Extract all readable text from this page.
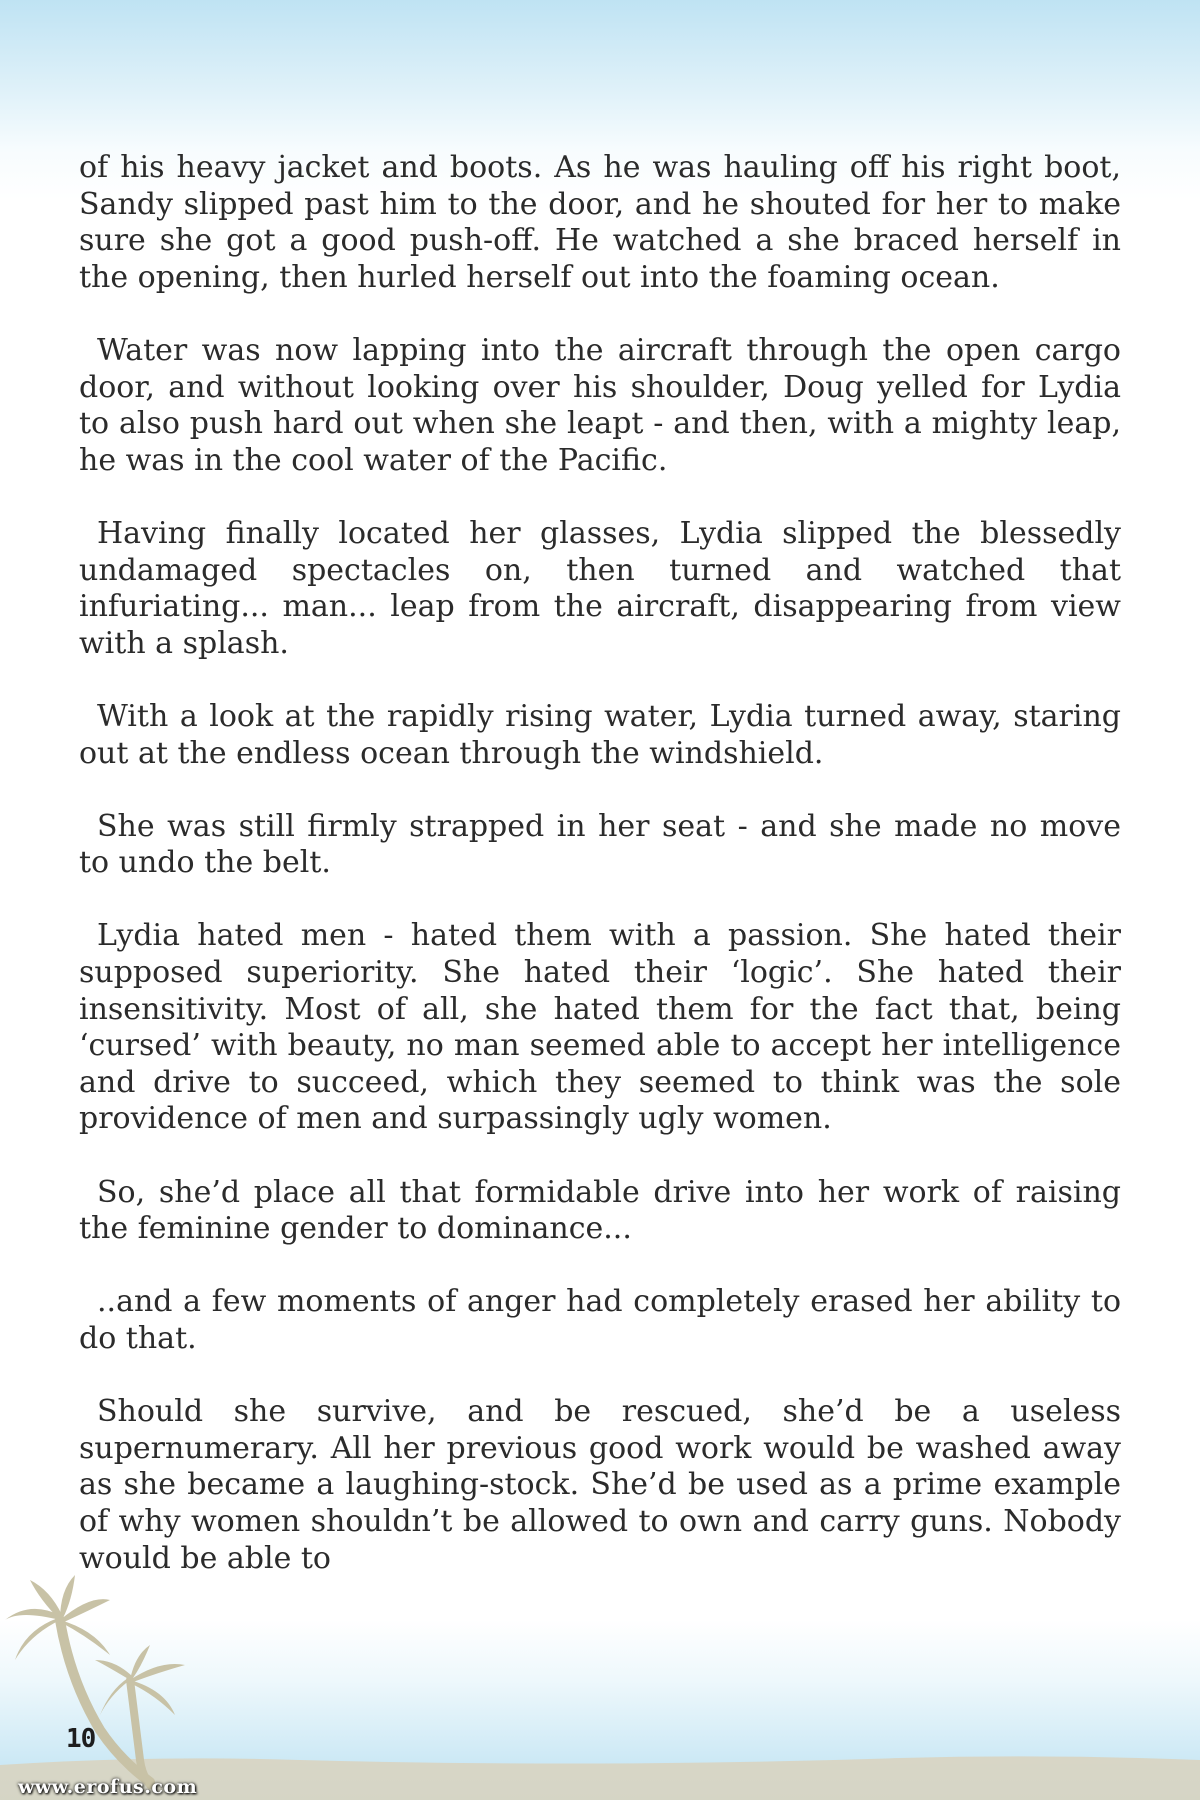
of his heavy jacket and boots. As he was hauling off his right boot, Sandy slipped past him to the door, and he shouted for her to make sure she got a good push-off. He watched a she braced herself in the opening, then hurled herself out into the foaming ocean.

Water was now lapping into the aircraft through the open cargo door, and without looking over his shoulder, Doug yelled for Lydia to also push hard out when she leapt - and then, with a mighty leap, he was in the cool water of the Pacific.

Having finally located her glasses, Lydia slipped the blessedly undamaged spectacles on, then turned and watched that infuriating... man... leap from the aircraft, disappearing from view with a splash.

With a look at the rapidly rising water, Lydia turned away, staring out at the endless ocean through the windshield.

She was still firmly strapped in her seat - and she made no move to undo the belt.

Lydia hated men - hated them with a passion. She hated their supposed superiority. She hated their ‘logic’. She hated their insensitivity. Most of all, she hated them for the fact that, being ‘cursed’ with beauty, no man seemed able to accept her intelligence and drive to succeed, which they seemed to think was the sole providence of men and surpassingly ugly women.

So, she’d place all that formidable drive into her work of raising the feminine gender to dominance...

..and a few moments of anger had completely erased her ability to do that.

Should she survive, and be rescued, she’d be a useless supernumerary. All her previous good work would be washed away as she became a laughing-stock. She’d be used as a prime example of why women shouldn’t be allowed to own and carry guns. Nobody would be able to

10
www.erofus.com
